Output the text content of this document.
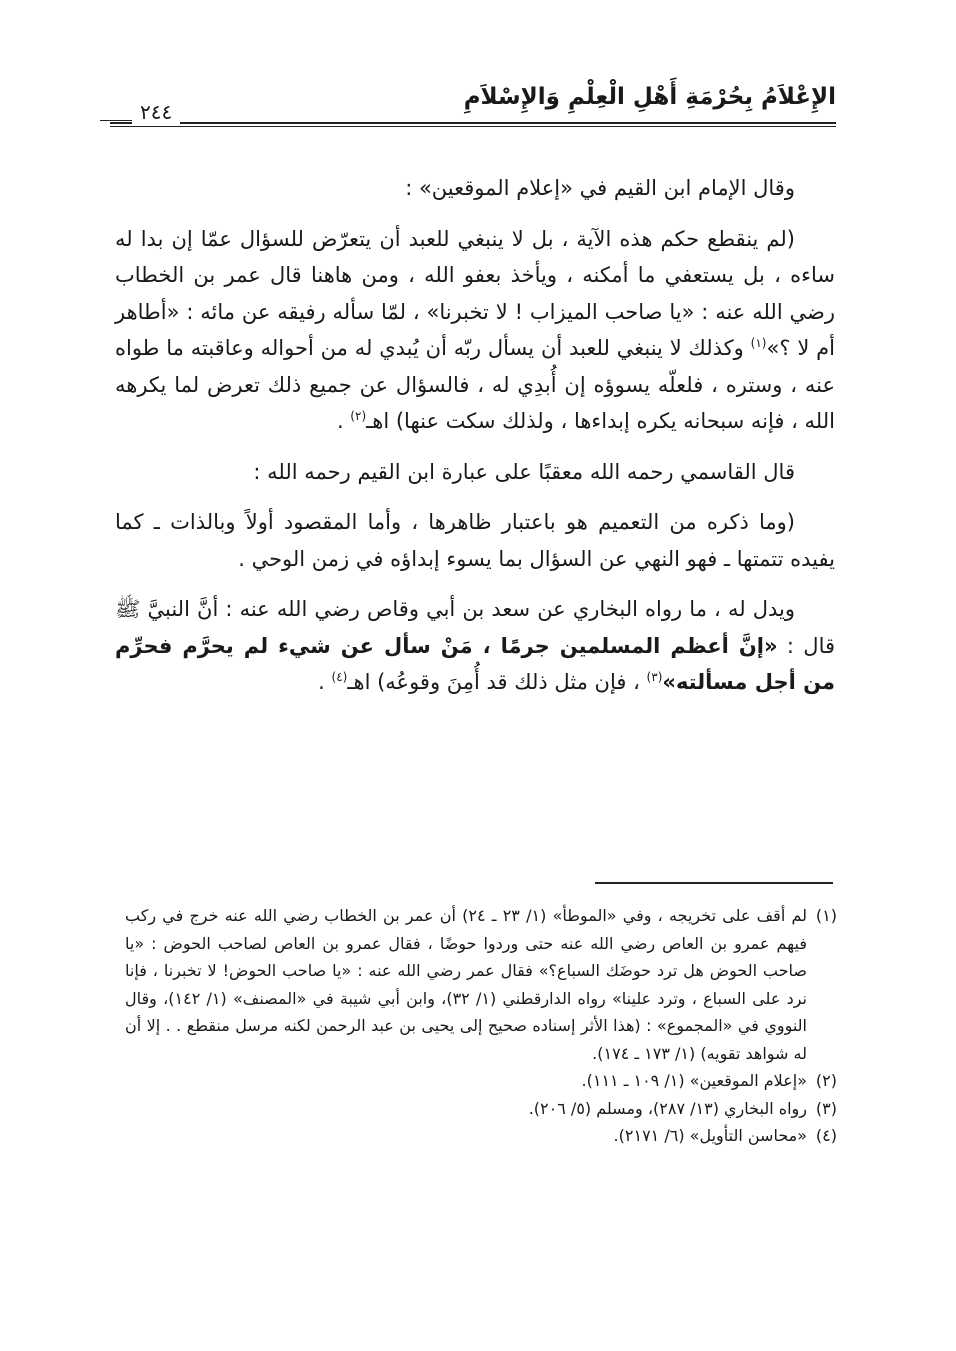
الإِعْلاَمُ بِحُرْمَةِ أَهْلِ الْعِلْمِ وَالإِسْلاَمِ
٢٤٤

وقال الإمام ابن القيم في «إعلام الموقعين» :

(لم ينقطع حكم هذه الآية ، بل لا ينبغي للعبد أن يتعرّض للسؤال عمّا إن بدا له ساءه ، بل يستعفي ما أمكنه ، ويأخذ بعفو الله ، ومن هاهنا قال عمر بن الخطاب رضي الله عنه : «يا صاحب الميزاب ! لا تخبرنا» ، لمّا سأله رفيقه عن مائه : «أطاهر أم لا ؟»$^{(١)}$ وكذلك لا ينبغي للعبد أن يسأل ربّه أن يُبدي له من أحواله وعاقبته ما طواه عنه ، وستره ، فلعلّه يسوؤه إن أُبدِي له ، فالسؤال عن جميع ذلك تعرض لما يكرهه الله ، فإنه سبحانه يكره إبداءها ، ولذلك سكت عنها) اهـ$^{(٢)}$ .

قال القاسمي رحمه الله معقبًا على عبارة ابن القيم رحمه الله :

(وما ذكره من التعميم هو باعتبار ظاهرها ، وأما المقصود أولاً وبالذات ـ كما يفيده تتمتها ـ فهو النهي عن السؤال بما يسوء إبداؤه في زمن الوحي .

ويدل له ، ما رواه البخاري عن سعد بن أبي وقاص رضي الله عنه : أنَّ النبيَّ ﷺ قال : «إنَّ أعظم المسلمين جرمًا ، مَنْ سأل عن شيء لم يحرَّم فحرِّم من أجل مسألته»$^{(٣)}$ ، فإن مثل ذلك قد أُمِنَ وقوعُه) اهـ$^{(٤)}$ .

(١)
لم أقف على تخريجه ، وفي «الموطأ» (١/ ٢٣ ـ ٢٤) أن عمر بن الخطاب رضي الله عنه خرج في ركب فيهم عمرو بن العاص رضي الله عنه حتى وردوا حوضًا ، فقال عمرو بن العاص لصاحب الحوض : «يا صاحب الحوض هل ترد حوضَك السباع؟» فقال عمر رضي الله عنه : «يا صاحب الحوض! لا تخبرنا ، فإنا نرد على السباع ، وترد علينا» رواه الدارقطني (١/ ٣٢)، وابن أبي شيبة في «المصنف» (١/ ١٤٢)، وقال النووي في «المجموع» : (هذا الأثر إسناده صحيح إلى يحيى بن عبد الرحمن لكنه مرسل منقطع . . إلا أن له شواهد تقويه) (١/ ١٧٣ ـ ١٧٤).
(٢)
«إعلام الموقعين» (١/ ١٠٩ ـ ١١١).
(٣)
رواه البخاري (١٣/ ٢٨٧)، ومسلم (٥/ ٢٠٦).
(٤)
«محاسن التأويل» (٦/ ٢١٧١).
